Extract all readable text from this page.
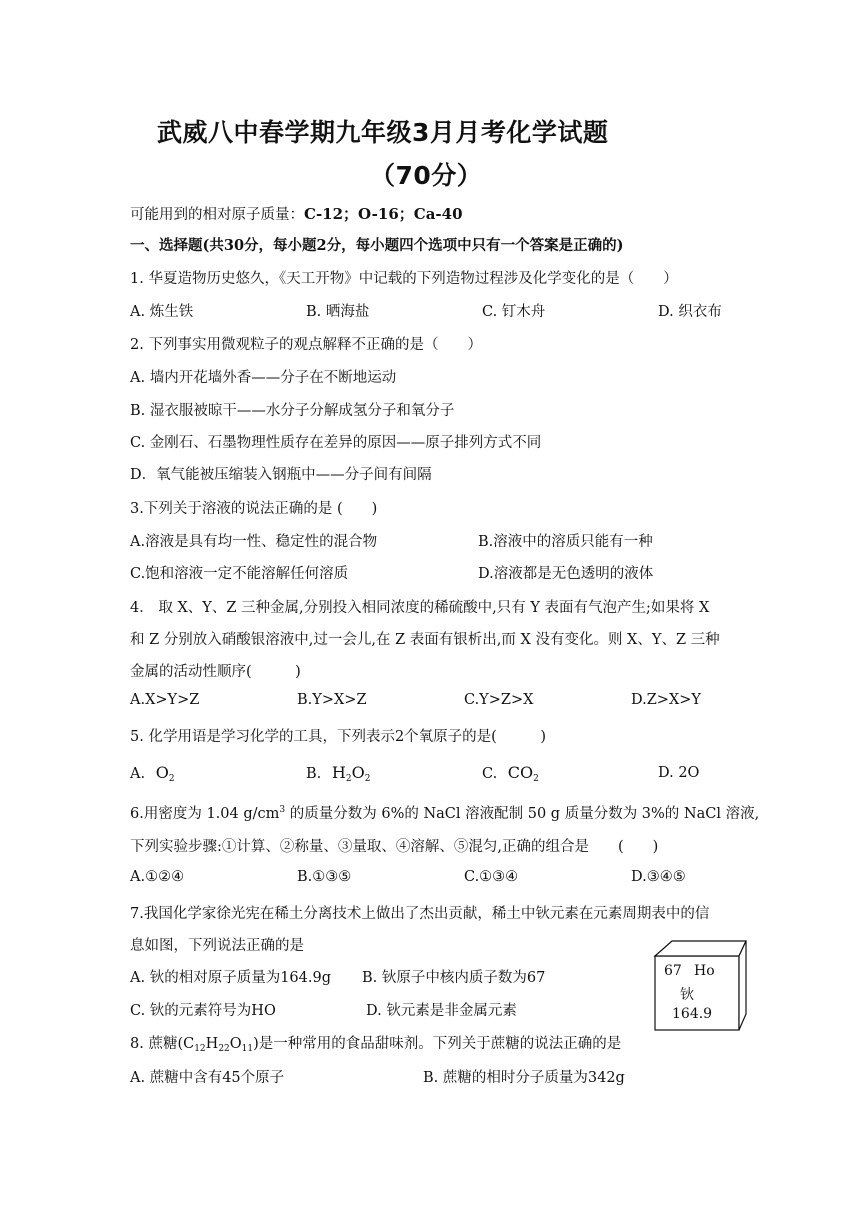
武威八中春学期九年级3月月考化学试题
（70分）
可能用到的相对原子质量：C-12；O-16；Ca-40
一、选择题(共30分，每小题2分，每小题四个选项中只有一个答案是正确的)
1. 华夏造物历史悠久，《天工开物》中记载的下列造物过程涉及化学变化的是（　　）
A. 炼生铁	B. 晒海盐	C. 钉木舟	D. 织衣布
2. 下列事实用微观粒子的观点解释不正确的是（　　）
A. 墙内开花墙外香——分子在不断地运动
B. 湿衣服被晾干——水分子分解成氢分子和氧分子
C. 金刚石、石墨物理性质存在差异的原因——原子排列方式不同
D．氧气能被压缩装入钢瓶中——分子间有间隔
3.下列关于溶液的说法正确的是 (　　)
A.溶液是具有均一性、稳定性的混合物	B.溶液中的溶质只能有一种
C.饱和溶液一定不能溶解任何溶质	D.溶液都是无色透明的液体
4． 取 X、Y、Z 三种金属,分别投入相同浓度的稀硫酸中,只有 Y 表面有气泡产生;如果将 X
和 Z 分别放入硝酸银溶液中,过一会儿,在 Z 表面有银析出,而 X 没有变化。则 X、Y、Z 三种
金属的活动性顺序(　　　)
A.X>Y>Z	B.Y>X>Z	C.Y>Z>X	D.Z>X>Y
5. 化学用语是学习化学的工具，下列表示2个氧原子的是(　　　)
A. $O_2$	B. $H_2O_2$	C. $CO_2$	D. 2O
6.用密度为 1.04 $g/cm^3$ 的质量分数为 6%的 NaCl 溶液配制 50 g 质量分数为 3%的 NaCl 溶液,
下列实验步骤:①计算、②称量、③量取、④溶解、⑤混匀,正确的组合是　　(　　)
A.①②④	B.①③⑤	C.①③④	D.③④⑤
7.我国化学家徐光宪在稀土分离技术上做出了杰出贡献，稀土中钬元素在元素周期表中的信
息如图，下列说法正确的是
A. 钬的相对原子质量为164.9g B. 钬原子中核内质子数为67
C. 钬的元素符号为HO	D. 钬元素是非金属元素
67 Ho
钬
164.9
8. 蔗糖$(C_{12}H_{22}O_{11})$是一种常用的食品甜味剂。下列关于蔗糖的说法正确的是
A. 蔗糖中含有45个原子	B. 蔗糖的相时分子质量为342g
